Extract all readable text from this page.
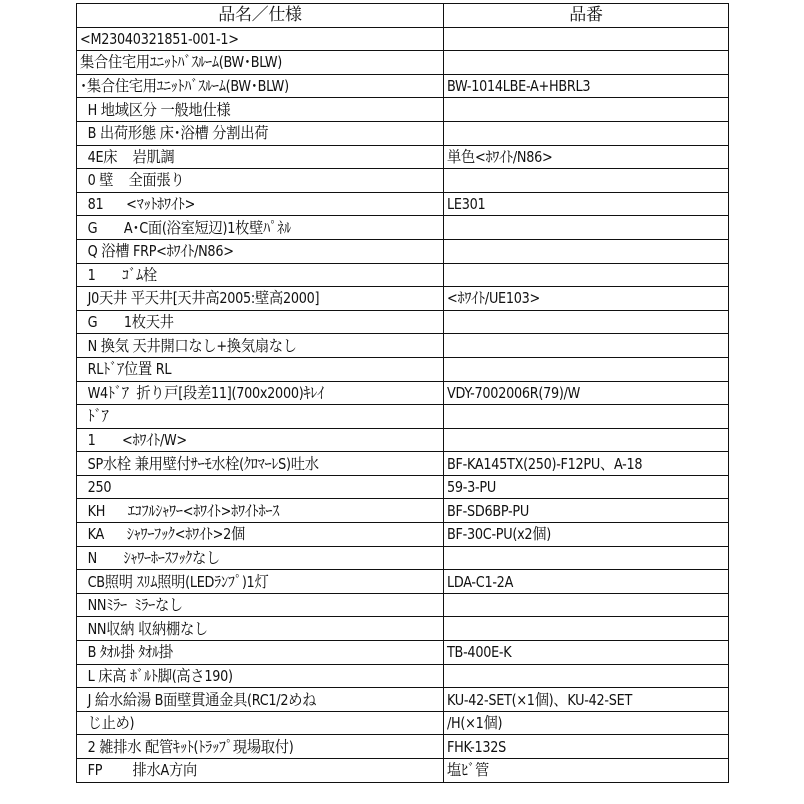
品名／仕様	品番
<M23040321851-001-1>	
集合住宅用ﾕﾆｯﾄﾊﾞｽﾙｰﾑ(BW･BLW)	
･集合住宅用ﾕﾆｯﾄﾊﾞｽﾙｰﾑ(BW･BLW)	BW-1014LBE-A+HBRL3
H 地域区分 一般地仕様	
B 出荷形態 床･浴槽 分割出荷	
4E床    岩肌調	単色<ﾎﾜｲﾄ/N86>
0 壁    全面張り	
81      <ﾏｯﾄﾎﾜｲﾄ>	LE301
G       A･C面(浴室短辺)1枚壁ﾊﾟﾈﾙ	
Q 浴槽 FRP<ﾎﾜｲﾄ/N86>	
1       ｺﾞﾑ栓	
J0天井 平天井[天井高2005:壁高2000]	<ﾎﾜｲﾄ/UE103>
G       1枚天井	
N 換気 天井開口なし+換気扇なし	
RLﾄﾞｱ位置 RL	
W4ﾄﾞｱ  折り戸[段差11](700x2000)ｷﾚｲ	VDY-7002006R(79)/W
ﾄﾞｱ	
1       <ﾎﾜｲﾄ/W>	
SP水栓 兼用壁付ｻｰﾓ水栓(ｸﾛﾏｰﾚS)吐水	BF-KA145TX(250)-F12PU、A-18
250	59-3-PU
KH      ｴｺﾌﾙｼｬﾜｰ<ﾎﾜｲﾄ>ﾎﾜｲﾄﾎｰｽ	BF-SD6BP-PU
KA      ｼｬﾜｰﾌｯｸ<ﾎﾜｲﾄ>2個	BF-30C-PU(x2個)
N       ｼｬﾜｰﾎｰｽﾌｯｸなし	
CB照明 ｽﾘﾑ照明(LEDﾗﾝﾌﾟ)1灯	LDA-C1-2A
NNﾐﾗｰ  ﾐﾗｰなし	
NN収納 収納棚なし	
B ﾀｵﾙ掛 ﾀｵﾙ掛	TB-400E-K
L 床高 ﾎﾞﾙﾄ脚(高さ190)	
J 給水給湯 B面壁貫通金具(RC1/2めね	KU-42-SET(×1個)、KU-42-SET
じ止め)	/H(×1個)
2 雑排水 配管ｷｯﾄ(ﾄﾗｯﾌﾟ現場取付)	FHK-132S
FP        排水A方向	塩ﾋﾞ管
